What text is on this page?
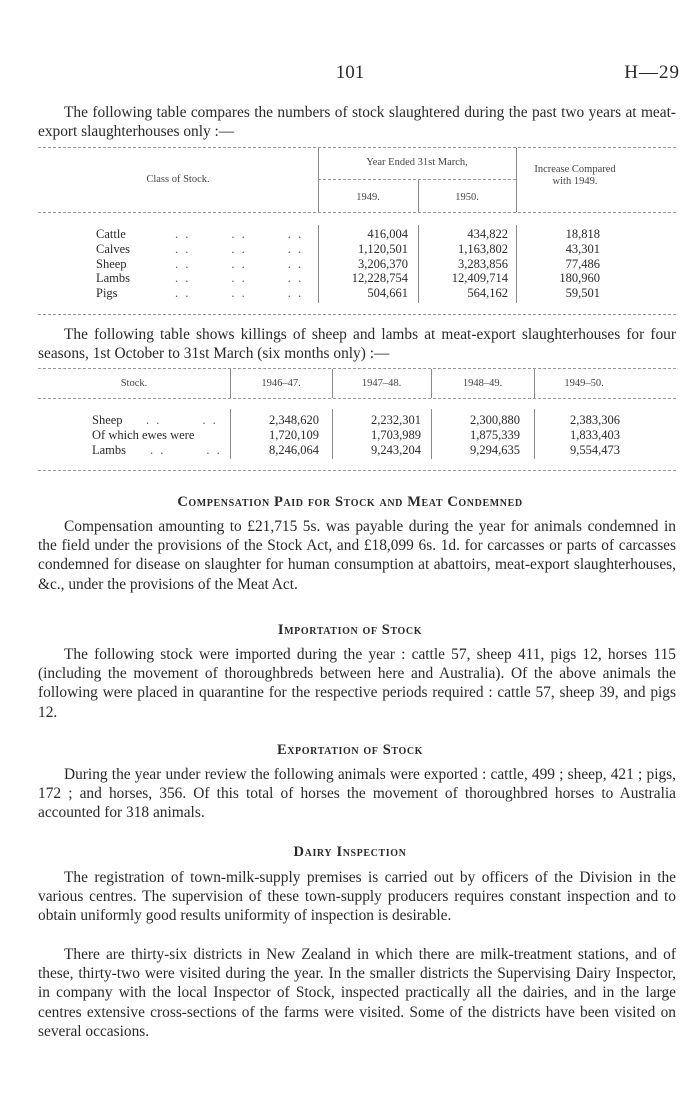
101	H—29

The following table compares the numbers of stock slaughtered during the past two years at meat-export slaughterhouses only :—

Class of Stock.
Year Ended 31st March,
1949.	1950.
Increase Compared with 1949.
Cattle	. .        . .        . .	416,004	434,822	18,818
Calves	. .        . .        . .	1,120,501	1,163,802	43,301
Sheep	. .        . .        . .	3,206,370	3,283,856	77,486
Lambs	. .        . .        . .	12,228,754	12,409,714	180,960
Pigs	. .        . .        . .	504,661	564,162	59,501

The following table shows killings of sheep and lambs at meat-export slaughterhouses for four seasons, 1st October to 31st March (six months only) :—

Stock.	1946–47.	1947–48.	1948–49.	1949–50.
Sheep . .        . .	2,348,620	2,232,301	2,300,880	2,383,306
Of which ewes were	1,720,109	1,703,989	1,875,339	1,833,403
Lambs . .        . .	8,246,064	9,243,204	9,294,635	9,554,473
Compensation Paid for Stock and Meat Condemned

Compensation amounting to £21,715 5s. was payable during the year for animals condemned in the field under the provisions of the Stock Act, and £18,099 6s. 1d. for carcasses or parts of carcasses condemned for disease on slaughter for human consumption at abattoirs, meat-export slaughterhouses, &c., under the provisions of the Meat Act.

Importation of Stock

The following stock were imported during the year : cattle 57, sheep 411, pigs 12, horses 115 (including the movement of thoroughbreds between here and Australia). Of the above animals the following were placed in quarantine for the respective periods required : cattle 57, sheep 39, and pigs 12.

Exportation of Stock

During the year under review the following animals were exported : cattle, 499 ; sheep, 421 ; pigs, 172 ; and horses, 356. Of this total of horses the movement of thoroughbred horses to Australia accounted for 318 animals.

Dairy Inspection

The registration of town-milk-supply premises is carried out by officers of the Division in the various centres. The supervision of these town-supply producers requires constant inspection and to obtain uniformly good results uniformity of inspection is desirable.

There are thirty-six districts in New Zealand in which there are milk-treatment stations, and of these, thirty-two were visited during the year. In the smaller districts the Supervising Dairy Inspector, in company with the local Inspector of Stock, inspected practically all the dairies, and in the large centres extensive cross-sections of the farms were visited. Some of the districts have been visited on several occasions.
